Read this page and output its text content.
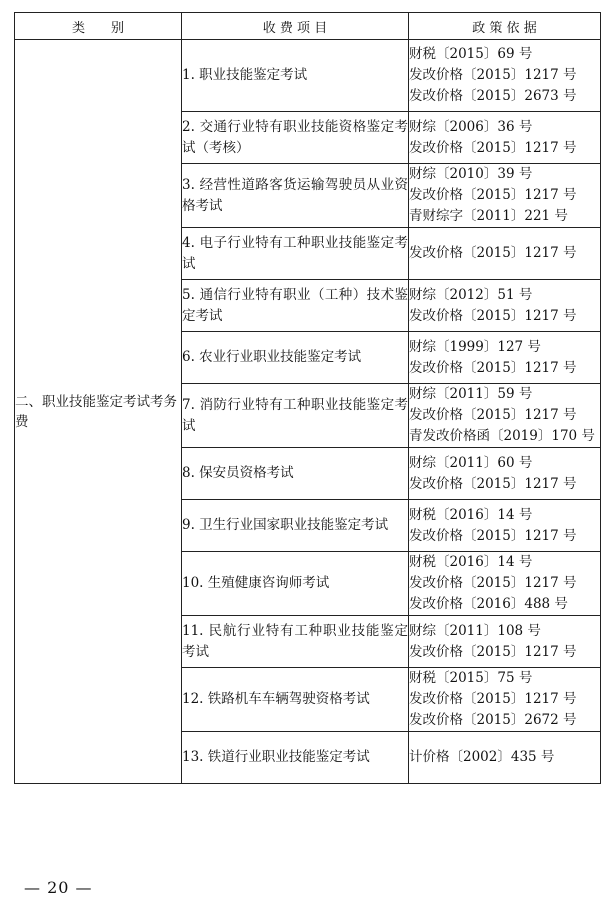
类　　别	收 费 项 目	政 策 依 据
二、职业技能鉴定考试考务费	1. 职业技能鉴定考试	财税〔2015〕69 号
发改价格〔2015〕1217 号
发改价格〔2015〕2673 号

	2. 交通行业特有职业技能资格鉴定考试（考核）	财综〔2006〕36 号
发改价格〔2015〕1217 号

	3. 经营性道路客货运输驾驶员从业资格考试	财综〔2010〕39 号
发改价格〔2015〕1217 号
青财综字〔2011〕221 号

	4. 电子行业特有工种职业技能鉴定考试	发改价格〔2015〕1217 号

	5. 通信行业特有职业（工种）技术鉴定考试	财综〔2012〕51 号
发改价格〔2015〕1217 号

	6. 农业行业职业技能鉴定考试	财综〔1999〕127 号
发改价格〔2015〕1217 号

	7. 消防行业特有工种职业技能鉴定考试	财综〔2011〕59 号
发改价格〔2015〕1217 号
青发改价格函〔2019〕170 号

	8. 保安员资格考试	财综〔2011〕60 号
发改价格〔2015〕1217 号

	9. 卫生行业国家职业技能鉴定考试	财税〔2016〕14 号
发改价格〔2015〕1217 号

	10. 生殖健康咨询师考试	财税〔2016〕14 号
发改价格〔2015〕1217 号
发改价格〔2016〕488 号

	11. 民航行业特有工种职业技能鉴定考试	财综〔2011〕108 号
发改价格〔2015〕1217 号

	12. 铁路机车车辆驾驶资格考试	财税〔2015〕75 号
发改价格〔2015〕1217 号
发改价格〔2015〕2672 号

	13. 铁道行业职业技能鉴定考试	计价格〔2002〕435 号
— 20 —
